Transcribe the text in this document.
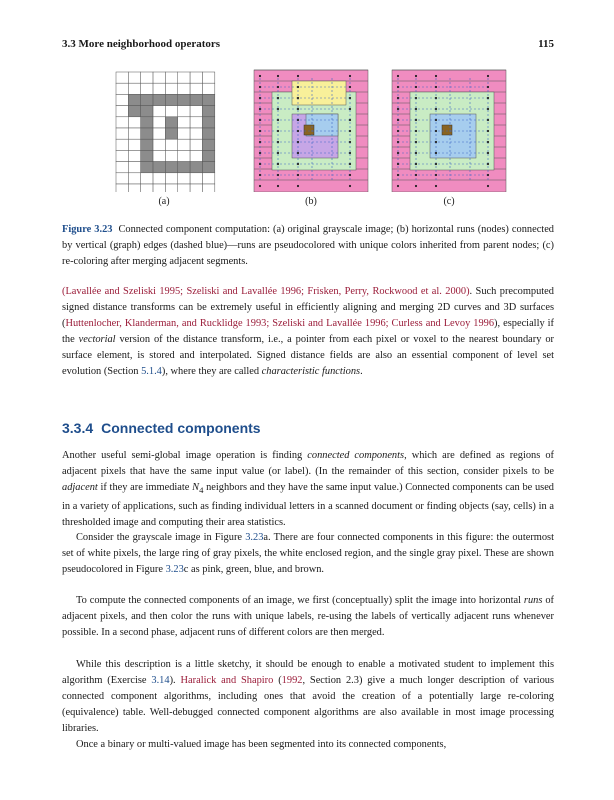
3.3 More neighborhood operators	115
(a)	(b)	(c)
Figure 3.23 Connected component computation: (a) original grayscale image; (b) horizontal runs (nodes) connected by vertical (graph) edges (dashed blue)—runs are pseudocolored with unique colors inherited from parent nodes; (c) re-coloring after merging adjacent segments.

(Lavallée and Szeliski 1995; Szeliski and Lavallée 1996; Frisken, Perry, Rockwood et al. 2000). Such precomputed signed distance transforms can be extremely useful in efficiently aligning and merging 2D curves and 3D surfaces (Huttenlocher, Klanderman, and Rucklidge 1993; Szeliski and Lavallée 1996; Curless and Levoy 1996), especially if the vectorial version of the distance transform, i.e., a pointer from each pixel or voxel to the nearest boundary or surface element, is stored and interpolated. Signed distance fields are also an essential component of level set evolution (Section 5.1.4), where they are called characteristic functions.

3.3.4 Connected components

Another useful semi-global image operation is finding connected components, which are defined as regions of adjacent pixels that have the same input value (or label). (In the remainder of this section, consider pixels to be adjacent if they are immediate $N_4$ neighbors and they have the same input value.) Connected components can be used in a variety of applications, such as finding individual letters in a scanned document or finding objects (say, cells) in a thresholded image and computing their area statistics.

Consider the grayscale image in Figure 3.23a. There are four connected components in this figure: the outermost set of white pixels, the large ring of gray pixels, the white enclosed region, and the single gray pixel. These are shown pseudocolored in Figure 3.23c as pink, green, blue, and brown.

To compute the connected components of an image, we first (conceptually) split the image into horizontal runs of adjacent pixels, and then color the runs with unique labels, re-using the labels of vertically adjacent runs whenever possible. In a second phase, adjacent runs of different colors are then merged.

While this description is a little sketchy, it should be enough to enable a motivated student to implement this algorithm (Exercise 3.14). Haralick and Shapiro (1992, Section 2.3) give a much longer description of various connected component algorithms, including ones that avoid the creation of a potentially large re-coloring (equivalence) table. Well-debugged connected component algorithms are also available in most image processing libraries.

Once a binary or multi-valued image has been segmented into its connected components,
